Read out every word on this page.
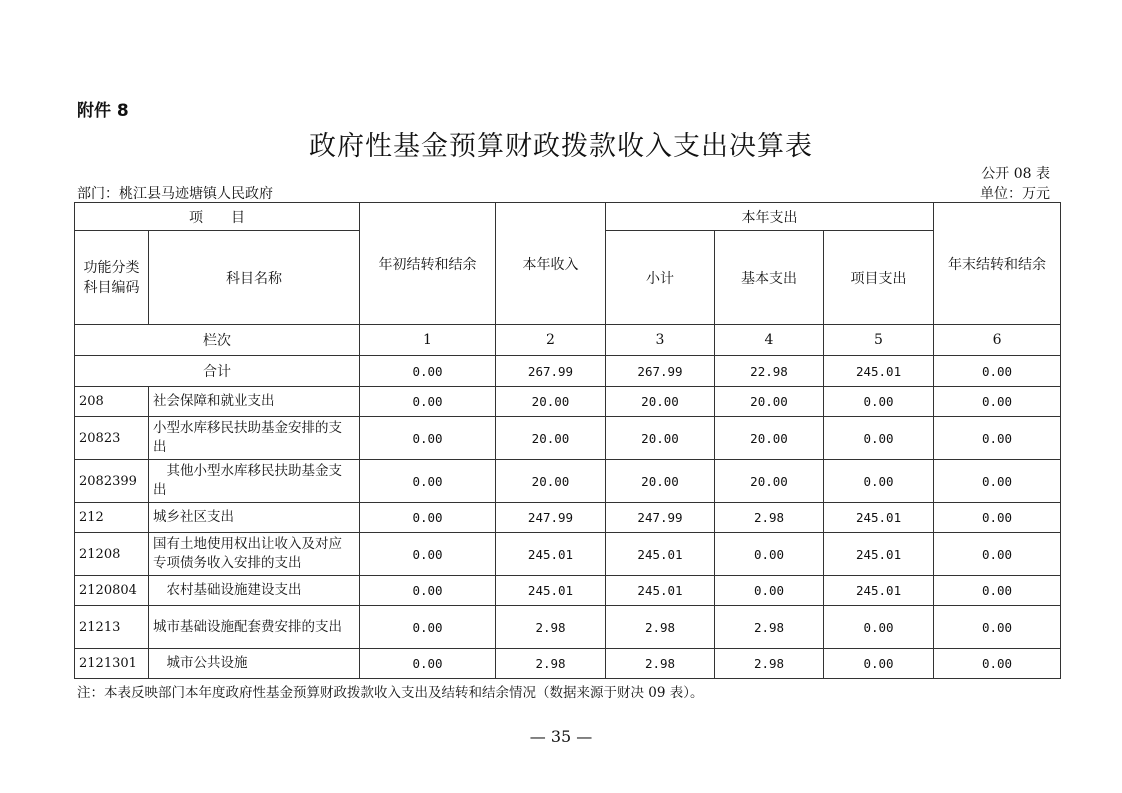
附件 8
政府性基金预算财政拨款收入支出决算表
公开 08 表
部门：桃江县马迹塘镇人民政府	单位：万元
项　　目		年初结转和结余	本年收入	本年支出			年末结转和结余
功能分类科目编码	科目名称			小计	基本支出	项目支出	
栏次		1	2	3	4	5	6
合计		0.00	267.99	267.99	22.98	245.01	0.00
208	社会保障和就业支出	0.00	20.00	20.00	20.00	0.00	0.00
20823	小型水库移民扶助基金安排的支出	0.00	20.00	20.00	20.00	0.00	0.00
2082399	　其他小型水库移民扶助基金支出	0.00	20.00	20.00	20.00	0.00	0.00
212	城乡社区支出	0.00	247.99	247.99	2.98	245.01	0.00
21208	国有土地使用权出让收入及对应专项债务收入安排的支出	0.00	245.01	245.01	0.00	245.01	0.00
2120804	　农村基础设施建设支出	0.00	245.01	245.01	0.00	245.01	0.00
21213	城市基础设施配套费安排的支出	0.00	2.98	2.98	2.98	0.00	0.00
2121301	　城市公共设施	0.00	2.98	2.98	2.98	0.00	0.00
注：本表反映部门本年度政府性基金预算财政拨款收入支出及结转和结余情况（数据来源于财决 09 表）。
— 35 —
